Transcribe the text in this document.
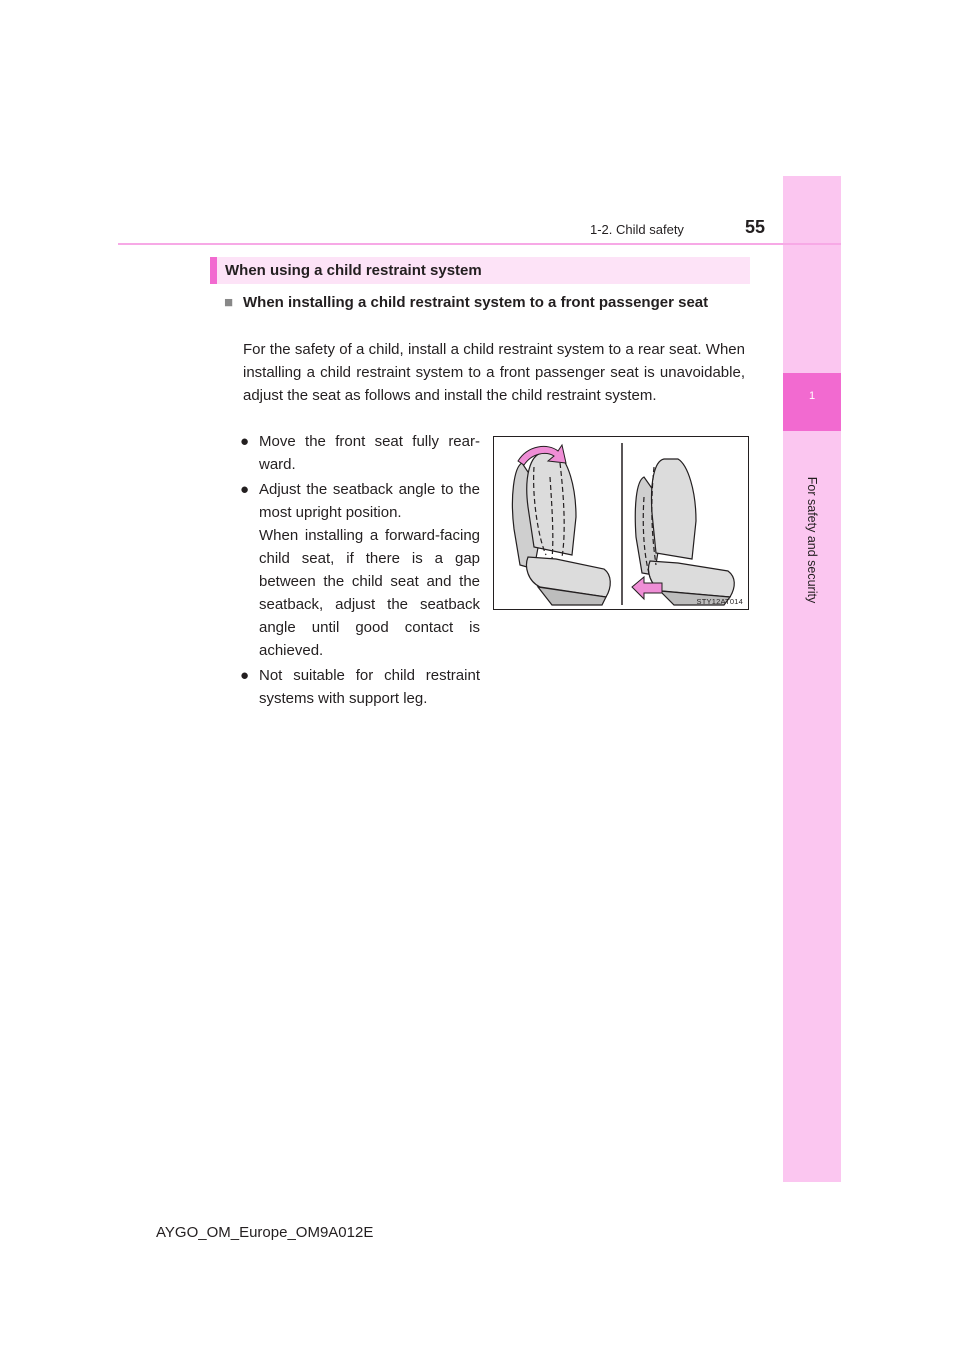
1
For safety and security
1-2. Child safety	55
When using a child restraint system
■ When installing a child restraint system to a front passenger seat

For the safety of a child, install a child restraint system to a rear seat. When installing a child restraint system to a front passenger seat is unavoidable, adjust the seat as follows and install the child restraint system.

● Move the front seat fully rear-ward.
● Adjust the seatback angle to the most upright position.
When installing a forward-facing child seat, if there is a gap between the child seat and the seatback, adjust the seatback angle until good contact is achieved.
● Not suitable for child restraint systems with support leg.
STY12AT014
AYGO_OM_Europe_OM9A012E
